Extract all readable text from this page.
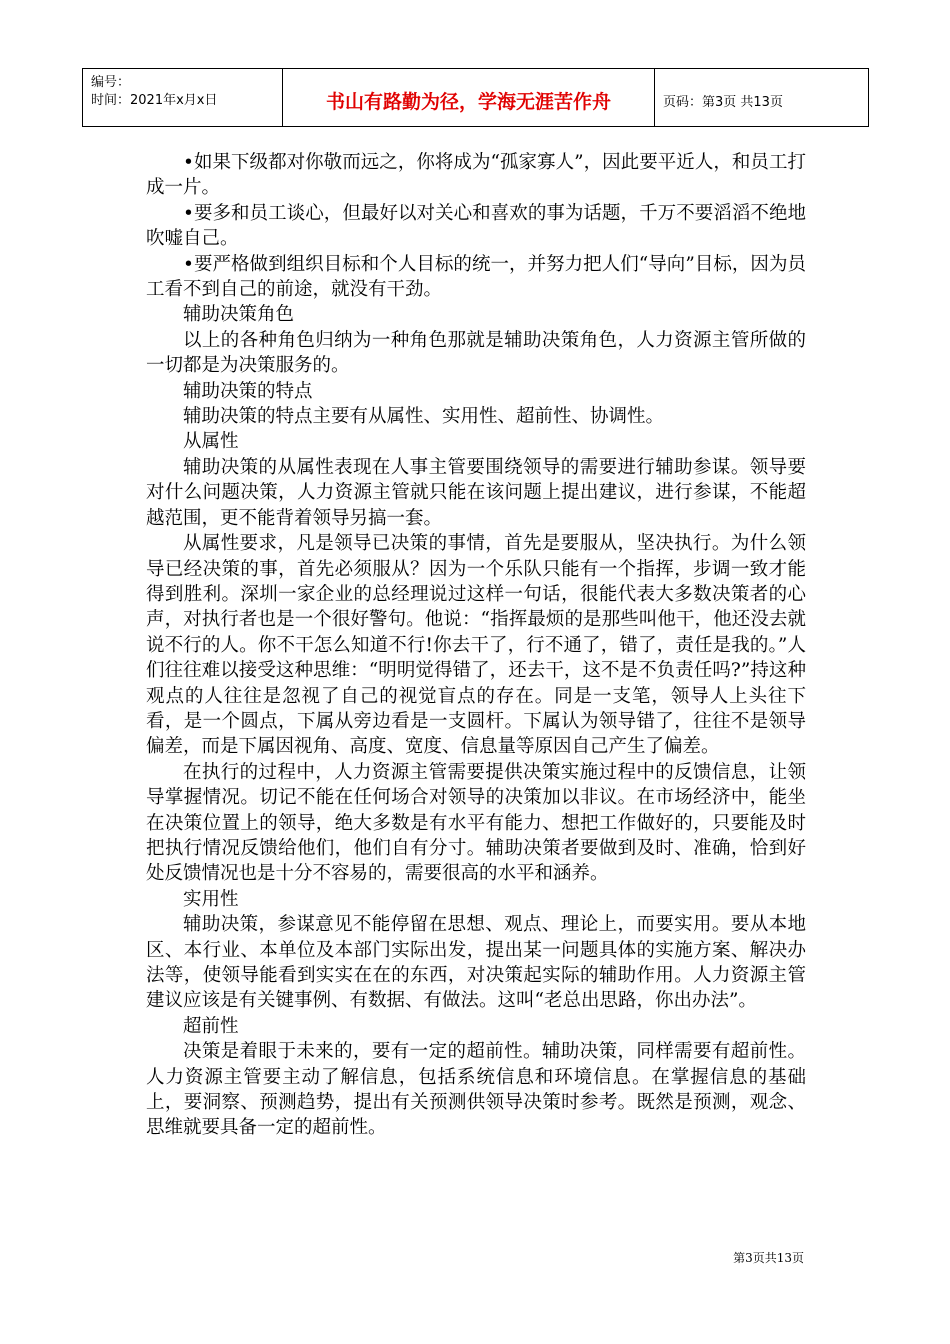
编号：
时间：2021年x月x日	书山有路勤为径，学海无涯苦作舟	页码：第3页 共13页

•如果下级都对你敬而远之，你将成为“孤家寡人”，因此要平近人，和员工打成一片。

•要多和员工谈心，但最好以对关心和喜欢的事为话题，千万不要滔滔不绝地吹嘘自己。

•要严格做到组织目标和个人目标的统一，并努力把人们“导向”目标，因为员工看不到自己的前途，就没有干劲。

辅助决策角色

以上的各种角色归纳为一种角色那就是辅助决策角色，人力资源主管所做的一切都是为决策服务的。

辅助决策的特点

辅助决策的特点主要有从属性、实用性、超前性、协调性。

从属性

辅助决策的从属性表现在人事主管要围绕领导的需要进行辅助参谋。领导要对什么问题决策，人力资源主管就只能在该问题上提出建议，进行参谋，不能超越范围，更不能背着领导另搞一套。

从属性要求，凡是领导已决策的事情，首先是要服从，坚决执行。为什么领导已经决策的事，首先必须服从？因为一个乐队只能有一个指挥，步调一致才能得到胜利。深圳一家企业的总经理说过这样一句话，很能代表大多数决策者的心声，对执行者也是一个很好警句。他说：“指挥最烦的是那些叫他干，他还没去就说不行的人。你不干怎么知道不行!你去干了，行不通了，错了，责任是我的。”人们往往难以接受这种思维：“明明觉得错了，还去干，这不是不负责任吗?”持这种观点的人往往是忽视了自己的视觉盲点的存在。同是一支笔，领导人上头往下看，是一个圆点，下属从旁边看是一支圆杆。下属认为领导错了，往往不是领导偏差，而是下属因视角、高度、宽度、信息量等原因自己产生了偏差。

在执行的过程中，人力资源主管需要提供决策实施过程中的反馈信息，让领导掌握情况。切记不能在任何场合对领导的决策加以非议。在市场经济中，能坐在决策位置上的领导，绝大多数是有水平有能力、想把工作做好的，只要能及时把执行情况反馈给他们，他们自有分寸。辅助决策者要做到及时、准确，恰到好处反馈情况也是十分不容易的，需要很高的水平和涵养。

实用性

辅助决策，参谋意见不能停留在思想、观点、理论上，而要实用。要从本地区、本行业、本单位及本部门实际出发，提出某一问题具体的实施方案、解决办法等，使领导能看到实实在在的东西，对决策起实际的辅助作用。人力资源主管建议应该是有关键事例、有数据、有做法。这叫“老总出思路，你出办法”。

超前性

决策是着眼于未来的，要有一定的超前性。辅助决策，同样需要有超前性。人力资源主管要主动了解信息，包括系统信息和环境信息。在掌握信息的基础上，要洞察、预测趋势，提出有关预测供领导决策时参考。既然是预测，观念、思维就要具备一定的超前性。

第3页共13页
